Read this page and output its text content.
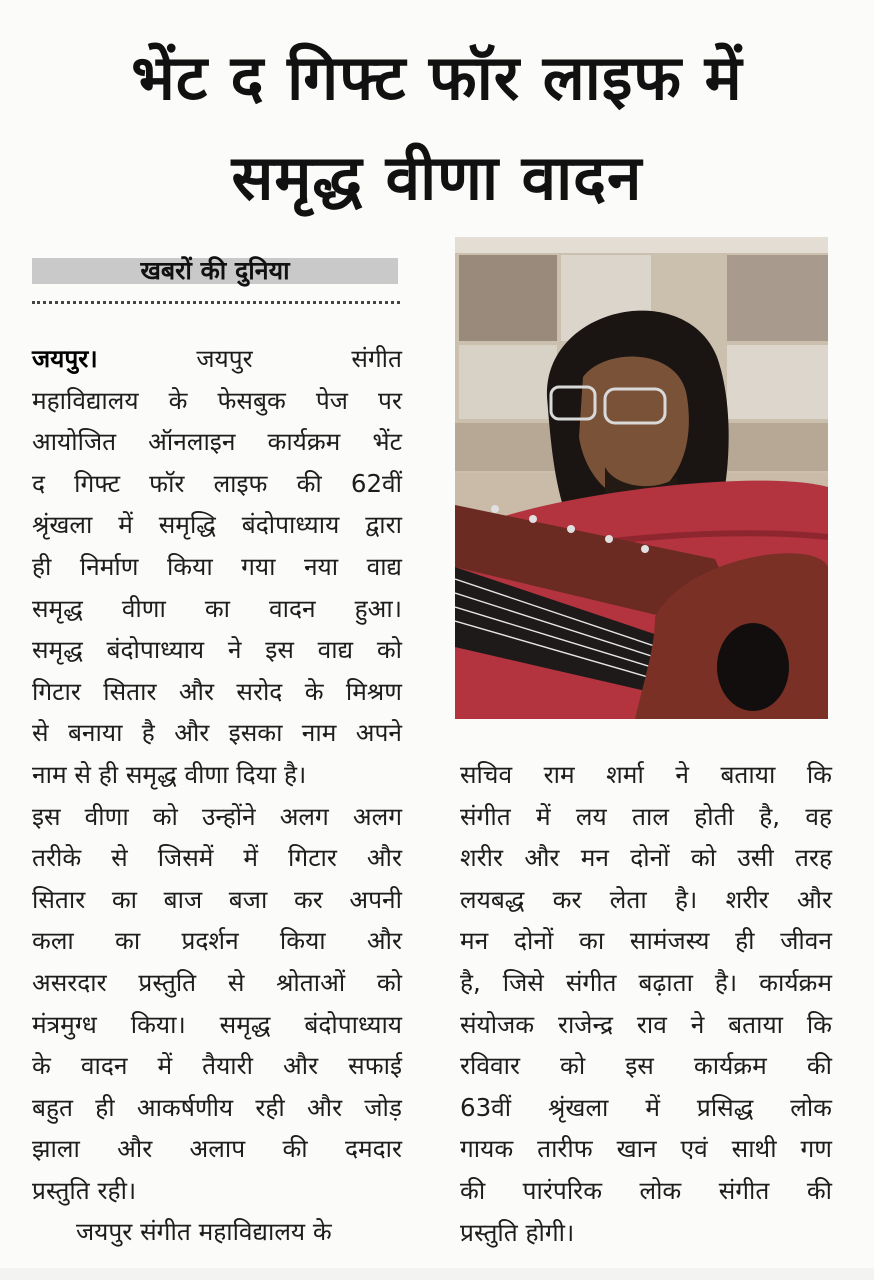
भेंट द गिफ्ट फॉर लाइफ में
समृद्ध वीणा वादन
खबरों की दुनिया
जयपुर।	जयपुर संगीत
महाविद्यालय के फेसबुक पेज पर
आयोजित ऑनलाइन कार्यक्रम भेंट
द गिफ्ट फॉर लाइफ की 62वीं
श्रृंखला में समृद्धि बंदोपाध्याय द्वारा
ही निर्माण किया गया नया वाद्य
समृद्ध वीणा का वादन हुआ।
समृद्ध बंदोपाध्याय ने इस वाद्य को
गिटार सितार और सरोद के मिश्रण
से बनाया है और इसका नाम अपने
नाम से ही समृद्ध वीणा दिया है।
इस वीणा को उन्होंने अलग अलग
तरीके से जिसमें में गिटार और
सितार का बाज बजा कर अपनी
कला का प्रदर्शन किया और
असरदार प्रस्तुति से श्रोताओं को
मंत्रमुग्ध किया। समृद्ध बंदोपाध्याय
के वादन में तैयारी और सफाई
बहुत ही आकर्षणीय रही और जोड़
झाला और अलाप की दमदार
प्रस्तुति रही।
जयपुर संगीत महाविद्यालय के
सचिव राम शर्मा ने बताया कि
संगीत में लय ताल होती है, वह
शरीर और मन दोनों को उसी तरह
लयबद्ध कर लेता है। शरीर और
मन दोनों का सामंजस्य ही जीवन
है, जिसे संगीत बढ़ाता है। कार्यक्रम
संयोजक राजेन्द्र राव ने बताया कि
रविवार को इस कार्यक्रम की
63वीं श्रृंखला में प्रसिद्ध लोक
गायक तारीफ खान एवं साथी गण
की पारंपरिक लोक संगीत की
प्रस्तुति होगी।
